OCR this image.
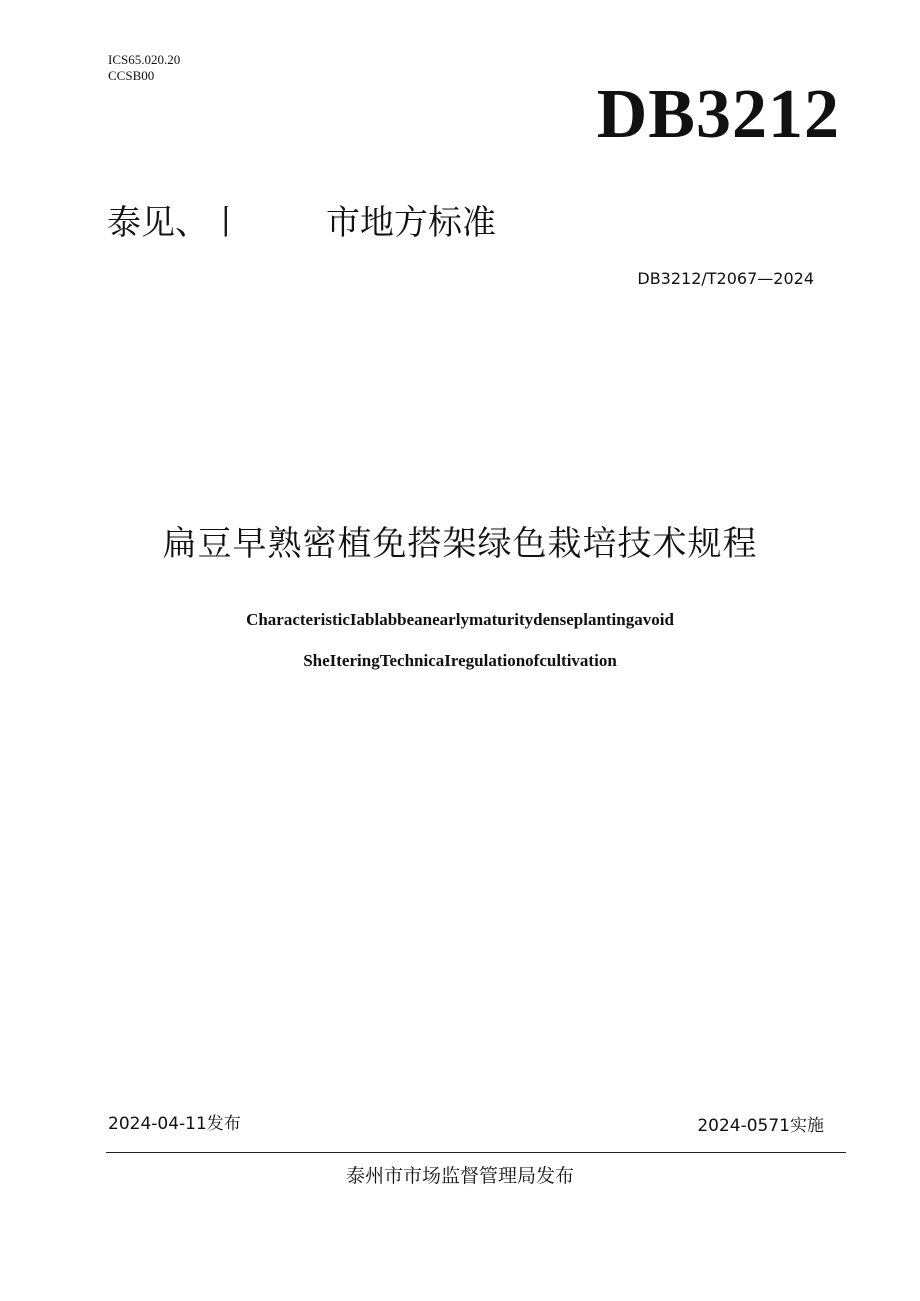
ICS65.020.20
CCSB00
DB3212
泰见、丨 市地方标准
DB3212/T2067—2024
扁豆早熟密植免搭架绿色栽培技术规程
CharacteristicIablabbeanearlymaturitydenseplantingavoid
SheIteringTechnicaIregulationofcultivation
2024-04-11发布	2024-0571实施
泰州市市场监督管理局发布
